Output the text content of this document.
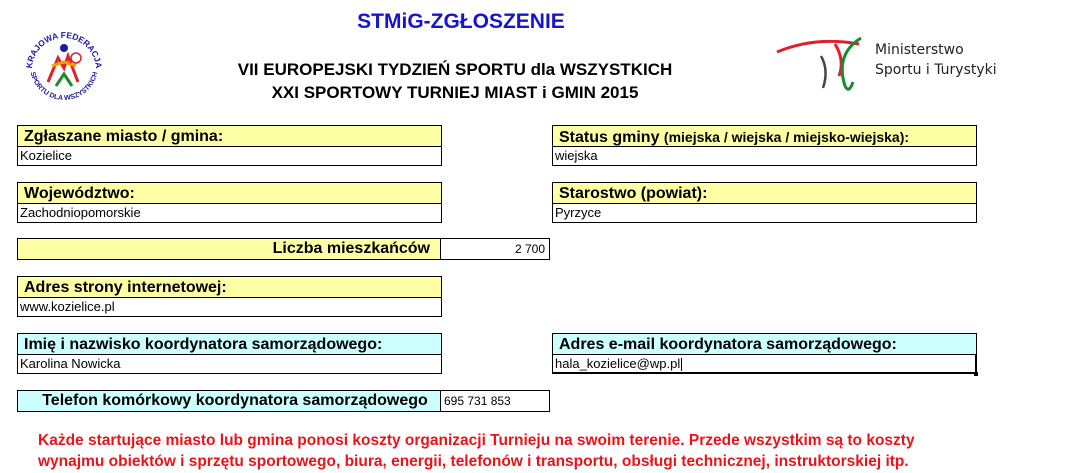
KRAJOWA FEDERACJA
SPORTU DLA WSZYSTKICH
STMiG-ZGŁOSZENIE
VII EUROPEJSKI TYDZIEŃ SPORTU dla WSZYSTKICH
XXI SPORTOWY TURNIEJ MIAST i GMIN 2015
Ministerstwo
Sportu i Turystyki
Zgłaszane miasto / gmina:
Kozielice
Status gminy (miejska / wiejska / miejsko-wiejska):
wiejska
Województwo:
Zachodniopomorskie
Starostwo (powiat):
Pyrzyce
Liczba mieszkańców	2 700
Adres strony internetowej:
www.kozielice.pl
Imię i nazwisko koordynatora samorządowego:
Karolina Nowicka
Adres e-mail koordynatora samorządowego:
hala_kozielice@wp.pl
Telefon komórkowy koordynatora samorządowego	695 731 853
Każde startujące miasto lub gmina ponosi koszty organizacji Turnieju na swoim terenie. Przede wszystkim są to koszty
wynajmu obiektów i sprzętu sportowego, biura, energii, telefonów i transportu, obsługi technicznej, instruktorskiej itp.
